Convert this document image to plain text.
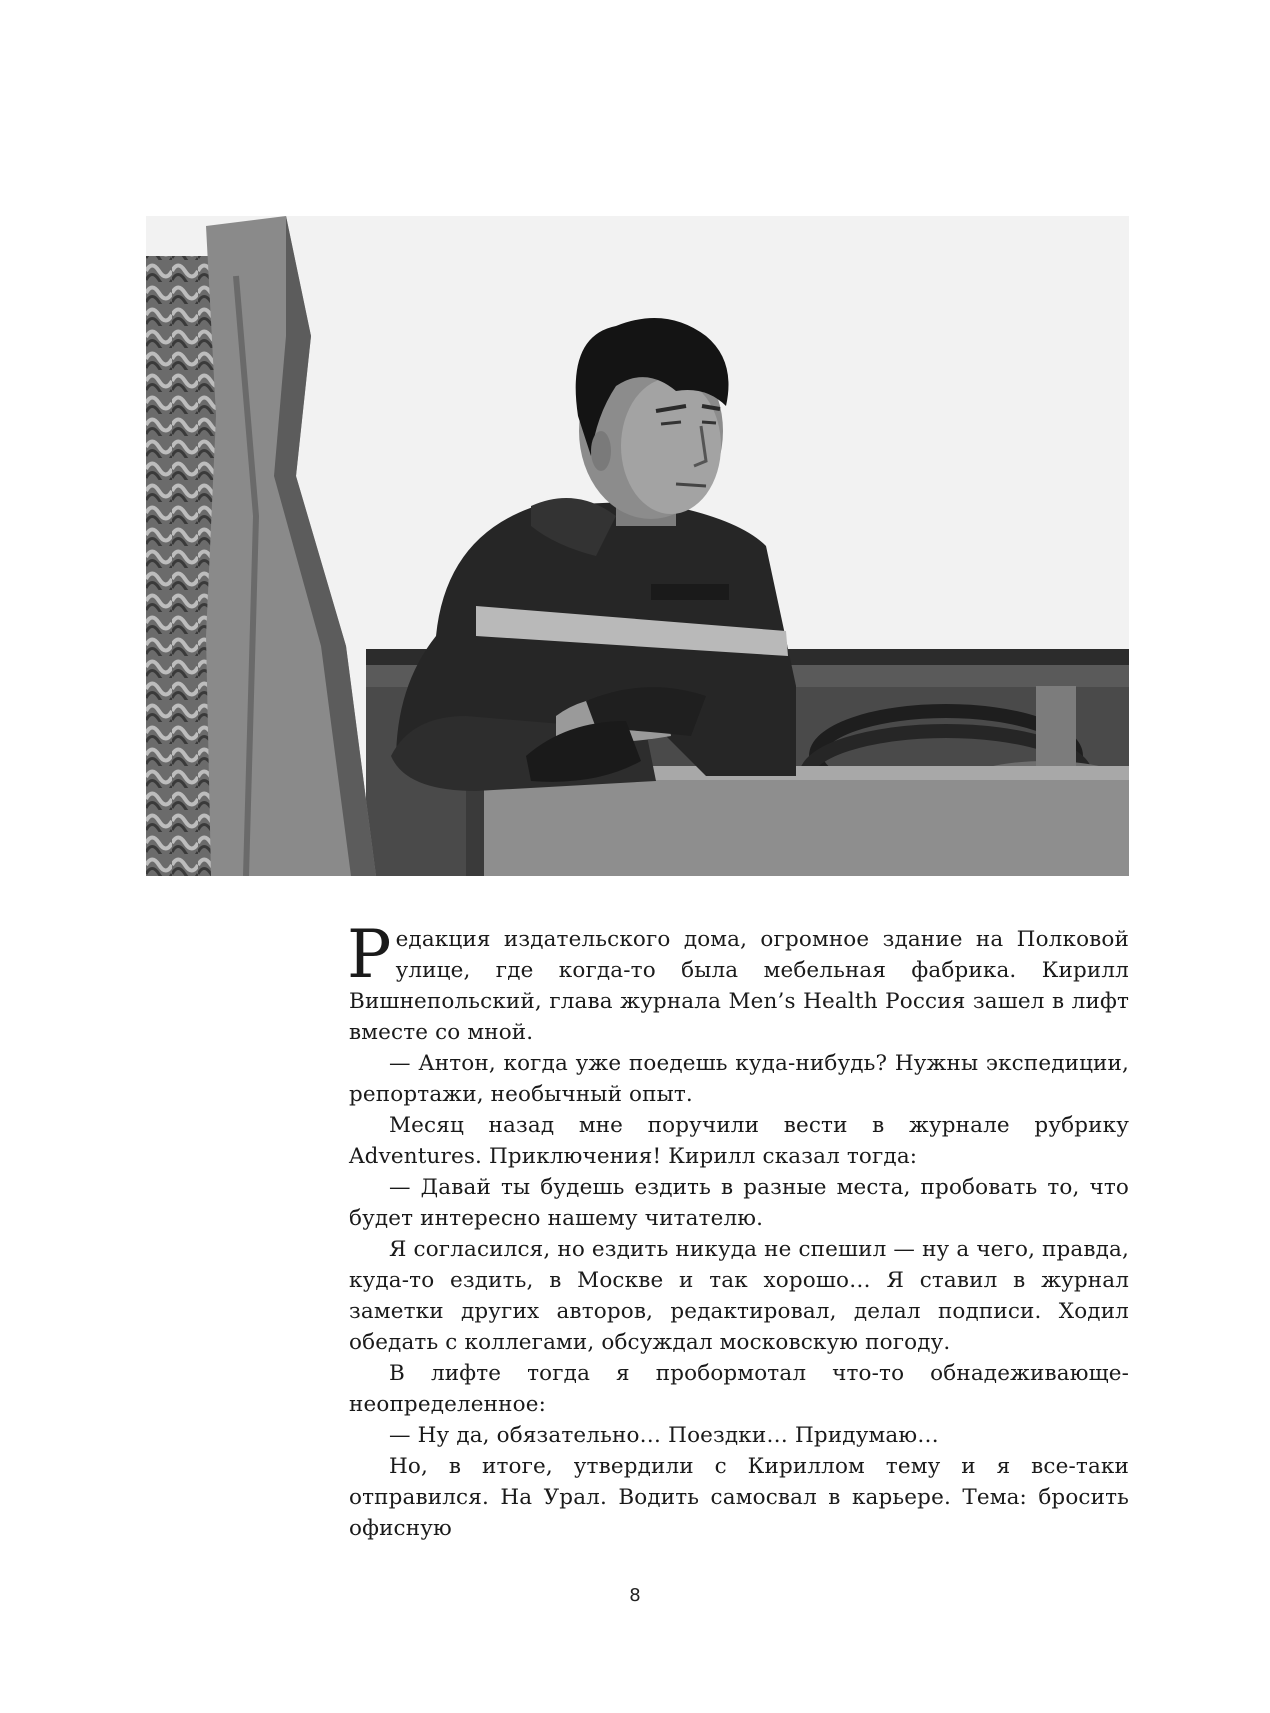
Редакция издательского дома, огромное здание на Полковой улице, где когда-то была мебельная фабрика. Кирилл Вишнепольский, глава журнала Men’s Health Россия зашел в лифт вместе со мной.

— Антон, когда уже поедешь куда-нибудь? Нужны экспедиции, репортажи, необычный опыт.

Месяц назад мне поручили вести в журнале рубрику Adventures. Приключения! Кирилл сказал тогда:

— Давай ты будешь ездить в разные места, пробовать то, что будет интересно нашему читателю.

Я согласился, но ездить никуда не спешил — ну а чего, правда, куда-то ездить, в Москве и так хорошо… Я ставил в журнал заметки других авторов, редактировал, делал подписи. Ходил обедать с коллегами, обсуждал московскую погоду.

В лифте тогда я пробормотал что-то обнадеживающе-неопределенное:

— Ну да, обязательно… Поездки… Придумаю…

Но, в итоге, утвердили с Кириллом тему и я все-таки отправился. На Урал. Водить самосвал в карьере. Тема: бросить офисную

8
